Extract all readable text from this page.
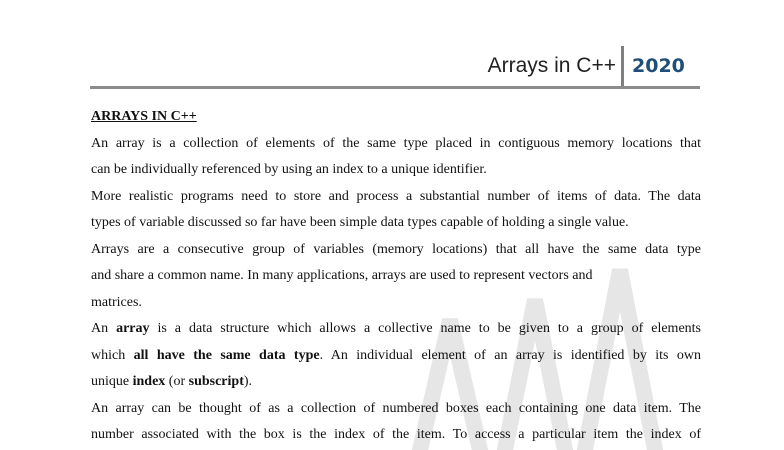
Arrays in C++ 2020

ARRAYS IN C++

An array is a collection of elements of the same type placed in contiguous memory locations that
can be individually referenced by using an index to a unique identifier.

More realistic programs need to store and process a substantial number of items of data. The data
types of variable discussed so far have been simple data types capable of holding a single value.

Arrays are a consecutive group of variables (memory locations) that all have the same data type
and share a common name. In many applications, arrays are used to represent vectors and
matrices.

An array is a data structure which allows a collective name to be given to a group of elements
which all have the same data type. An individual element of an array is identified by its own
unique index (or subscript).

An array can be thought of as a collection of numbered boxes each containing one data item. The
number associated with the box is the index of the item. To access a particular item the index of
